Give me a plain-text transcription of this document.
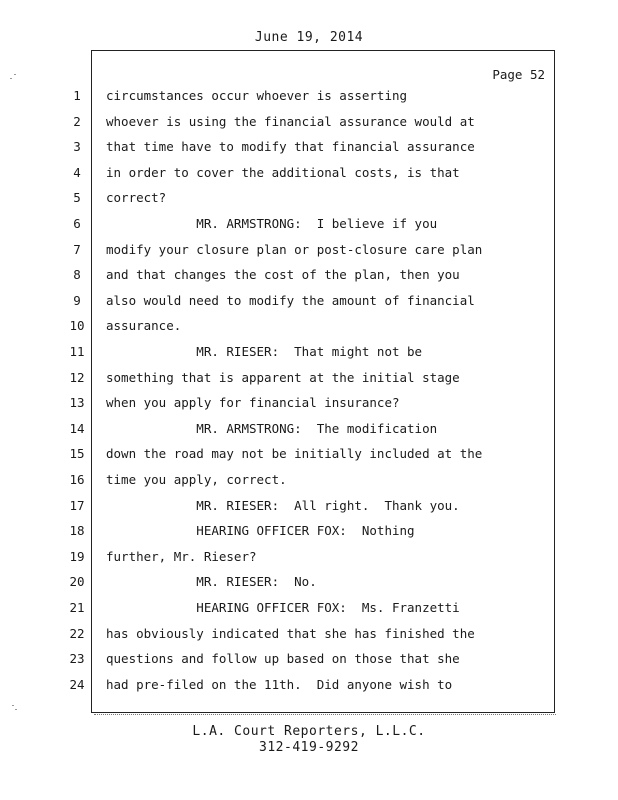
June 19, 2014
Page 52
1	circumstances occur whoever is asserting
2	whoever is using the financial assurance would at
3	that time have to modify that financial assurance
4	in order to cover the additional costs, is that
5	correct?
6	MR. ARMSTRONG:  I believe if you
7	modify your closure plan or post-closure care plan
8	and that changes the cost of the plan, then you
9	also would need to modify the amount of financial
10	assurance.
11	MR. RIESER:  That might not be
12	something that is apparent at the initial stage
13	when you apply for financial insurance?
14	MR. ARMSTRONG:  The modification
15	down the road may not be initially included at the
16	time you apply, correct.
17	MR. RIESER:  All right.  Thank you.
18	HEARING OFFICER FOX:  Nothing
19	further, Mr. Rieser?
20	MR. RIESER:  No.
21	HEARING OFFICER FOX:  Ms. Franzetti
22	has obviously indicated that she has finished the
23	questions and follow up based on those that she
24	had pre-filed on the 11th.  Did anyone wish to
L.A. Court Reporters, L.L.C.
312-419-9292
